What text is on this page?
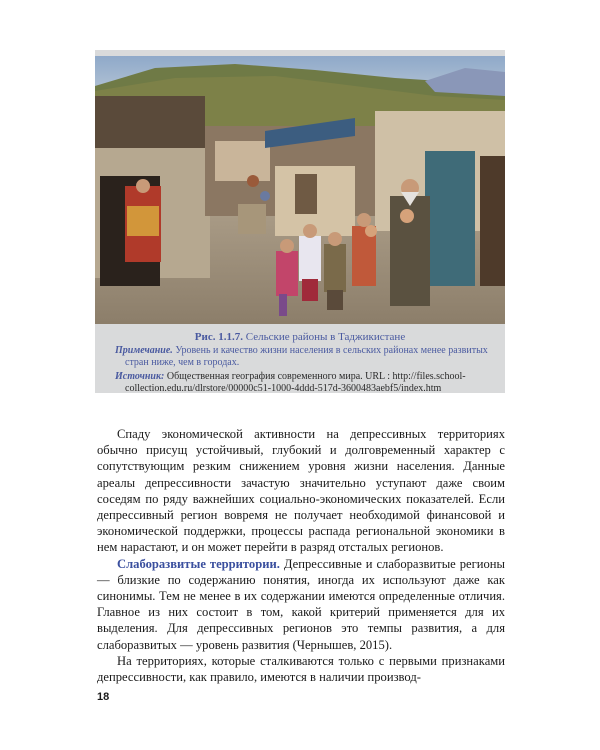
Рис. 1.1.7. Сельские районы в Таджикистане
Примечание. Уровень и качество жизни населения в сельских районах менее развитых стран ниже, чем в городах.
Источник: Общественная география современного мира. URL : http://files.school-collection.edu.ru/dlrstore/00000c51-1000-4ddd-517d-3600483aebf5/index.htm

Спаду экономической активности на депрессивных территориях обычно присущ устойчивый, глубокий и долговременный характер с сопутствующим резким снижением уровня жизни населения. Данные ареалы депрессивности зачастую значительно уступают даже своим соседям по ряду важнейших социально-экономических показателей. Если депрессивный регион вовремя не получает необходимой финансовой и экономической поддержки, процессы распада региональной экономики в нем нарастают, и он может перейти в разряд отсталых регионов.

Слаборазвитые территории. Депрессивные и слаборазвитые регионы — близкие по содержанию понятия, иногда их используют даже как синонимы. Тем не менее в их содержании имеются определенные отличия. Главное из них состоит в том, какой критерий применяется для их выделения. Для депрессивных регионов это темпы развития, а для слаборазвитых — уровень развития (Чернышев, 2015).

На территориях, которые сталкиваются только с первыми признаками депрессивности, как правило, имеются в наличии производ-

18
